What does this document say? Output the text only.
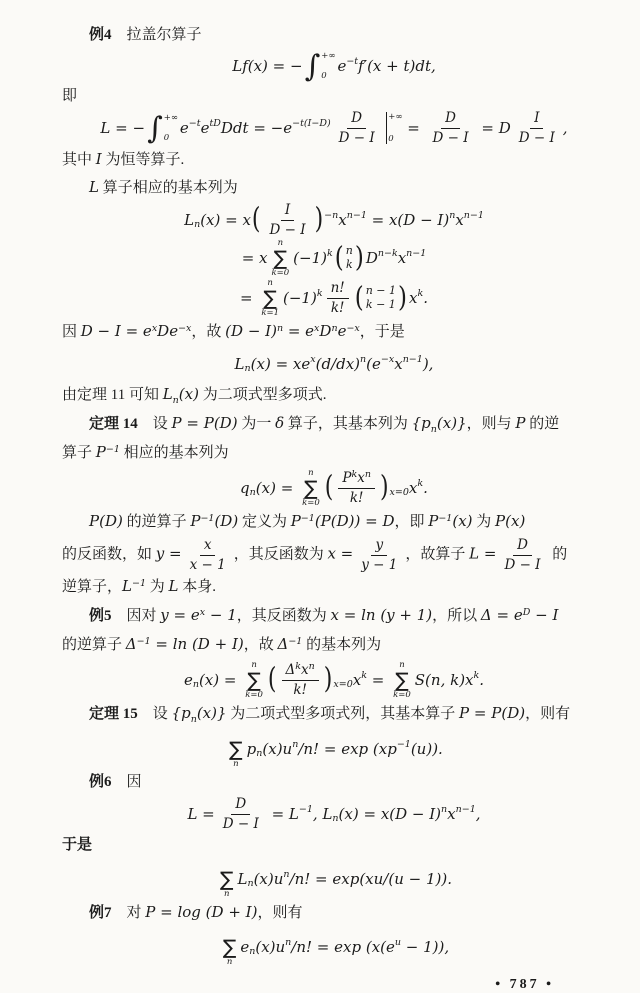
例4　拉盖尔算子
Lf(x) = − ∫ +∞
0
e −t f′(x + t)dt,
即
L = − ∫ +∞
0
e −t e tD Ddt = $-e -t(I-D) \frac{D}{D - I}$ +∞
0
= $\frac{D}{D - I} = D \frac{I}{D - I}$ ,
其中 I 为恒等算子.
L 算子相应的基本列为
L n (x) = x ( $\frac{I}{D - I}$ ) −n x n−1 = x(D − I) n x n−1
= x
n
∑
k=0
(−1) k ( n
k ) D n−k x n−1
=
n
∑
k=1
(−1) k $\frac{n!}{k!}$ ( n − 1
k − 1 ) x k .
因 $D - I = e^xDe^{-x}$，故 $(D - I)^n = e^xD^ne^{-x}$，于是
L n (x) = xe x (d/dx) n (e −x x n−1 ),
由定理 11 可知 $L_n(x)$ 为二项式型多项式.
定理 14　设 P = P(D) 为一 δ 算子，其基本列为 $\{p_n(x)\}$，则与 P 的逆
算子 $P^{-1}$ 相应的基本列为
q n (x) =
n
∑
k=0 ( $\frac{P^kx^n}{k!}$ ) x=0 x k .
P(D) 的逆算子 $P^{-1}(D)$ 定义为 $P^{-1}(P(D)) = D$，即 $P^{-1}(x)$ 为 P(x)
的反函数，如 $y = \frac{x}{x - 1}$ ，其反函数为 $x = \frac{y}{y - 1}$ ，故算子 $L = \frac{D}{D - I}$ 的
逆算子，$L^{-1}$ 为 L 本身.
例5　因对 $y = e^x - 1$，其反函数为 x = ln (y + 1)，所以 $\Delta = e^D - I$
的逆算子 $\Delta^{-1} = \ln (D + I)$，故 $\Delta^{-1}$ 的基本列为
e n (x) =
n
∑
k=0 ( $\frac{\Delta^kx^n}{k!}$ ) x=0 x k =
n
∑
k=0
S(n, k)x k .
定理 15　设 $\{p_n(x)\}$ 为二项式型多项式列，其基本算子 P = P(D)，则有
∑
n
p n (x)u n /n! = exp (xp −1 (u)).
例6　因
$L = \frac{D}{D - I} = L -1$ , L n (x) = x(D − I) n x n−1 ,
于是
∑
n
L n (x)u n /n! = exp(xu/(u − 1)).
例7　对 P = log (D + I)，则有
∑
n
e n (x)u n /n! = exp (x(e u − 1)),
• 787 •
